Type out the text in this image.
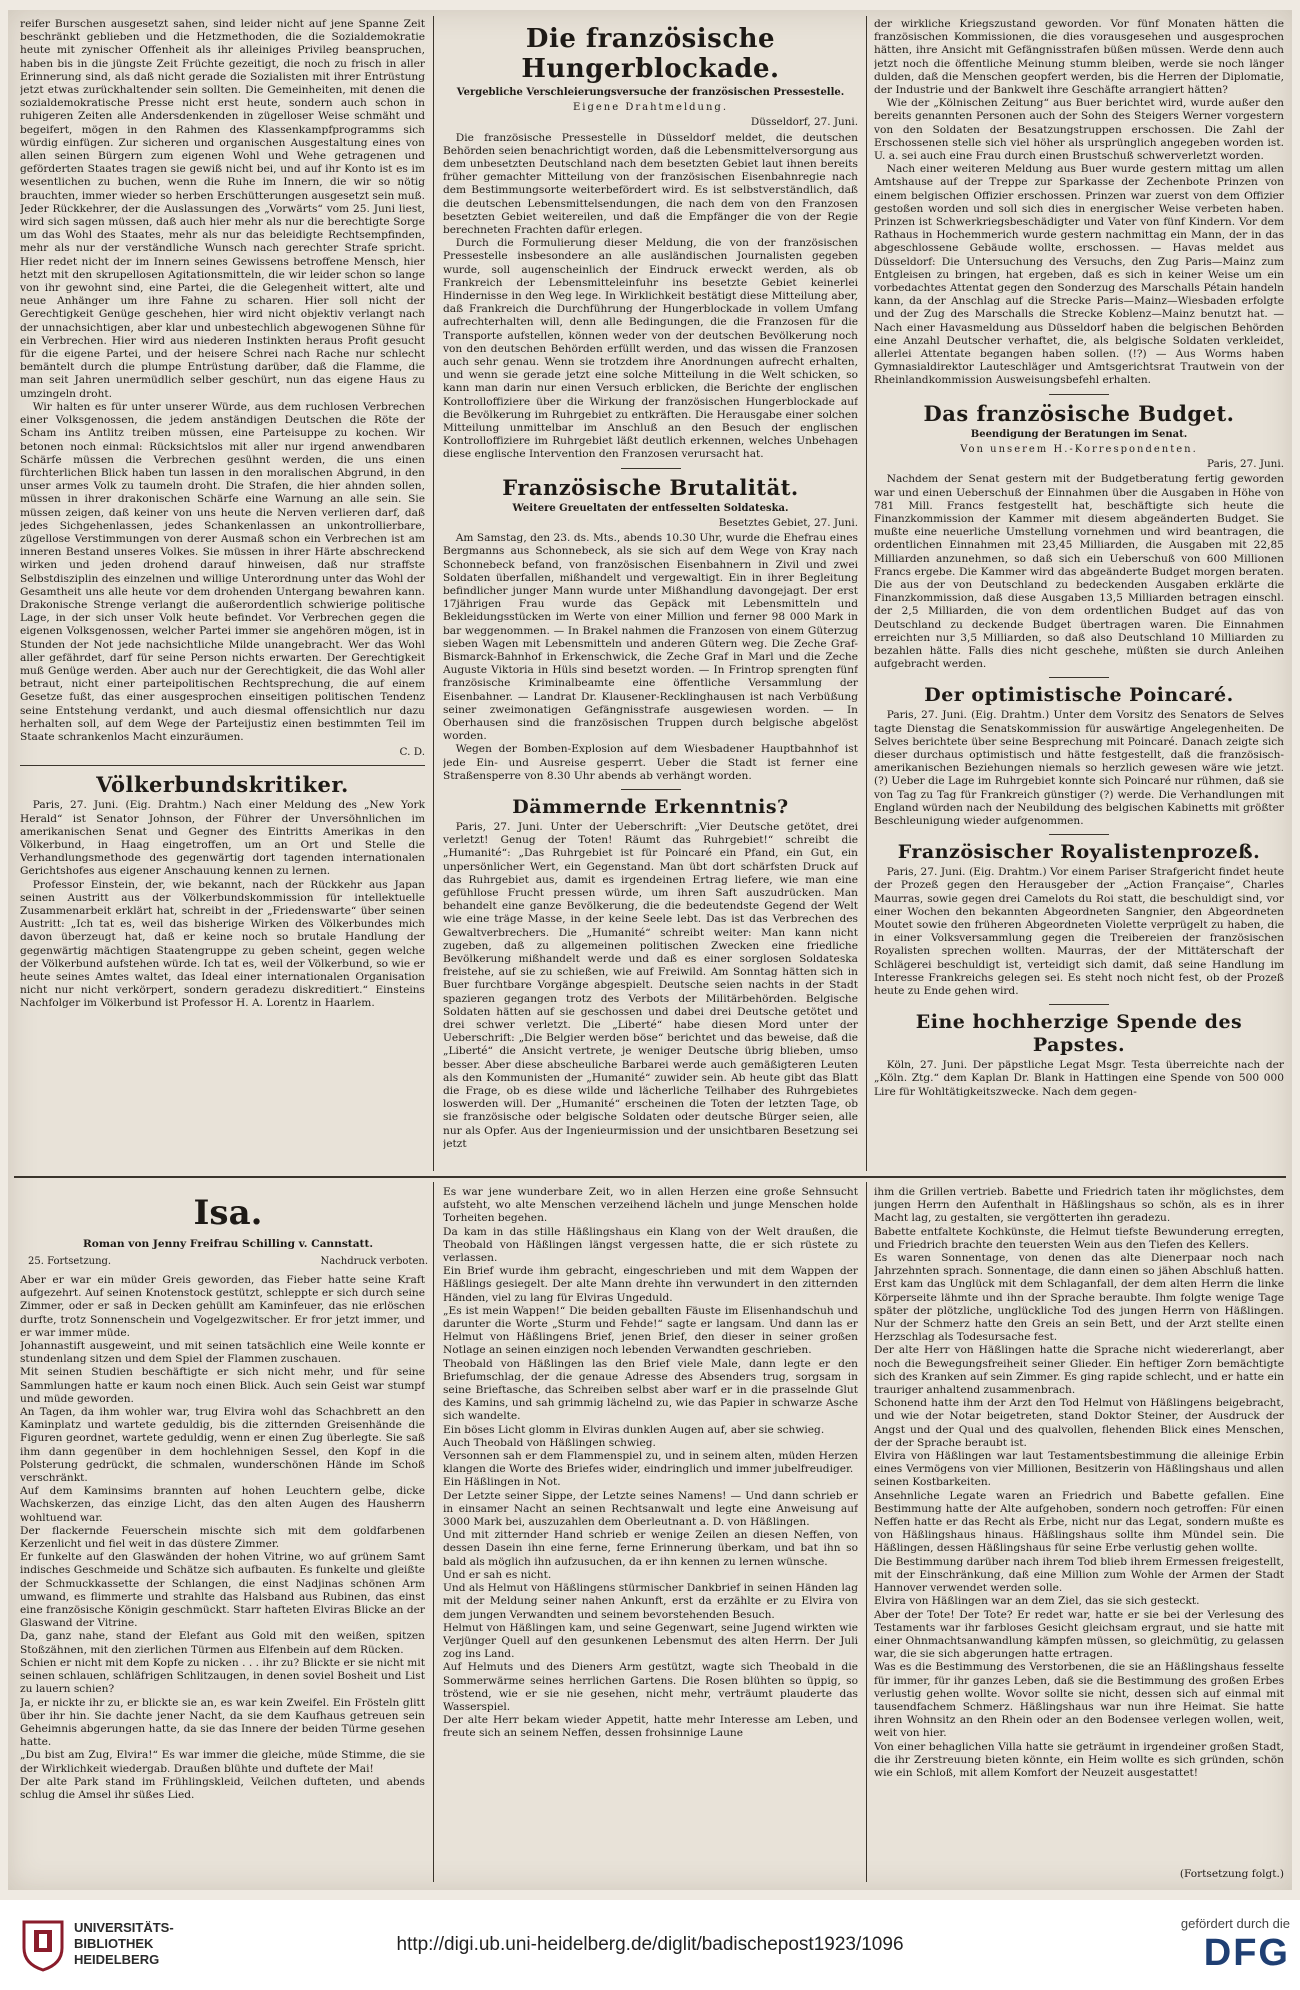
reifer Burschen ausgesetzt sahen, sind leider nicht auf jene Spanne Zeit beschränkt geblieben und die Hetzmethoden, die die Sozialdemokratie heute mit zynischer Offenheit als ihr alleiniges Privileg beanspruchen, haben bis in die jüngste Zeit Früchte gezeitigt, die noch zu frisch in aller Erinnerung sind, als daß nicht gerade die Sozialisten mit ihrer Entrüstung jetzt etwas zurückhaltender sein sollten. Die Gemeinheiten, mit denen die sozialdemokratische Presse nicht erst heute, sondern auch schon in ruhigeren Zeiten alle Andersdenkenden in zügelloser Weise schmäht und begeifert, mögen in den Rahmen des Klassenkampfprogramms sich würdig einfügen. Zur sicheren und organischen Ausgestaltung eines von allen seinen Bürgern zum eigenen Wohl und Wehe getragenen und geförderten Staates tragen sie gewiß nicht bei, und auf ihr Konto ist es im wesentlichen zu buchen, wenn die Ruhe im Innern, die wir so nötig brauchten, immer wieder so herben Erschütterungen ausgesetzt sein muß. Jeder Rückkehrer, der die Auslassungen des „Vorwärts“ vom 25. Juni liest, wird sich sagen müssen, daß auch hier mehr als nur die berechtigte Sorge um das Wohl des Staates, mehr als nur das beleidigte Rechtsempfinden, mehr als nur der verständliche Wunsch nach gerechter Strafe spricht. Hier redet nicht der im Innern seines Gewissens betroffene Mensch, hier hetzt mit den skrupellosen Agitationsmitteln, die wir leider schon so lange von ihr gewohnt sind, eine Partei, die die Gelegenheit wittert, alte und neue Anhänger um ihre Fahne zu scharen. Hier soll nicht der Gerechtigkeit Genüge geschehen, hier wird nicht objektiv verlangt nach der unnachsichtigen, aber klar und unbestechlich abgewogenen Sühne für ein Verbrechen. Hier wird aus niederen Instinkten heraus Profit gesucht für die eigene Partei, und der heisere Schrei nach Rache nur schlecht bemäntelt durch die plumpe Entrüstung darüber, daß die Flamme, die man seit Jahren unermüdlich selber geschürt, nun das eigene Haus zu umzingeln droht.

Wir halten es für unter unserer Würde, aus dem ruchlosen Verbrechen einer Volksgenossen, die jedem anständigen Deutschen die Röte der Scham ins Antlitz treiben müssen, eine Parteisuppe zu kochen. Wir betonen noch einmal: Rücksichtslos mit aller nur irgend anwendbaren Schärfe müssen die Verbrechen gesühnt werden, die uns einen fürchterlichen Blick haben tun lassen in den moralischen Abgrund, in den unser armes Volk zu taumeln droht. Die Strafen, die hier ahnden sollen, müssen in ihrer drakonischen Schärfe eine Warnung an alle sein. Sie müssen zeigen, daß keiner von uns heute die Nerven verlieren darf, daß jedes Sichgehenlassen, jedes Schankenlassen an unkontrollierbare, zügellose Verstimmungen von derer Ausmaß schon ein Verbrechen ist am inneren Bestand unseres Volkes. Sie müssen in ihrer Härte abschreckend wirken und jeden drohend darauf hinweisen, daß nur straffste Selbstdisziplin des einzelnen und willige Unterordnung unter das Wohl der Gesamtheit uns alle heute vor dem drohenden Untergang bewahren kann. Drakonische Strenge verlangt die außerordentlich schwierige politische Lage, in der sich unser Volk heute befindet. Vor Verbrechen gegen die eigenen Volksgenossen, welcher Partei immer sie angehören mögen, ist in Stunden der Not jede nachsichtliche Milde unangebracht. Wer das Wohl aller gefährdet, darf für seine Person nichts erwarten. Der Gerechtigkeit muß Genüge werden. Aber auch nur der Gerechtigkeit, die das Wohl aller betraut, nicht einer parteipolitischen Rechtsprechung, die auf einem Gesetze fußt, das einer ausgesprochen einseitigen politischen Tendenz seine Entstehung verdankt, und auch diesmal offensichtlich nur dazu herhalten soll, auf dem Wege der Parteijustiz einen bestimmten Teil im Staate schrankenlos Macht einzuräumen.

C. D.
Völkerbundskritiker.

Paris, 27. Juni. (Eig. Drahtm.) Nach einer Meldung des „New York Herald“ ist Senator Johnson, der Führer der Unversöhnlichen im amerikanischen Senat und Gegner des Eintritts Amerikas in den Völkerbund, in Haag eingetroffen, um an Ort und Stelle die Verhandlungsmethode des gegenwärtig dort tagenden internationalen Gerichtshofes aus eigener Anschauung kennen zu lernen.

Professor Einstein, der, wie bekannt, nach der Rückkehr aus Japan seinen Austritt aus der Völkerbundskommission für intellektuelle Zusammenarbeit erklärt hat, schreibt in der „Friedenswarte“ über seinen Austritt: „Ich tat es, weil das bisherige Wirken des Völkerbundes mich davon überzeugt hat, daß er keine noch so brutale Handlung der gegenwärtig mächtigen Staatengruppe zu geben scheint, gegen welche der Völkerbund aufstehen würde. Ich tat es, weil der Völkerbund, so wie er heute seines Amtes waltet, das Ideal einer internationalen Organisation nicht nur nicht verkörpert, sondern geradezu diskreditiert.“ Einsteins Nachfolger im Völkerbund ist Professor H. A. Lorentz in Haarlem.

Die französische Hungerblockade.
Vergebliche Verschleierungsversuche der französischen Pressestelle.
Eigene Drahtmeldung.
Düsseldorf, 27. Juni.

Die französische Pressestelle in Düsseldorf meldet, die deutschen Behörden seien benachrichtigt worden, daß die Lebensmittelversorgung aus dem unbesetzten Deutschland nach dem besetzten Gebiet laut ihnen bereits früher gemachter Mitteilung von der französischen Eisenbahnregie nach dem Bestimmungsorte weiterbefördert wird. Es ist selbstverständlich, daß die deutschen Lebensmittelsendungen, die nach dem von den Franzosen besetzten Gebiet weitereilen, und daß die Empfänger die von der Regie berechneten Frachten dafür erlegen.

Durch die Formulierung dieser Meldung, die von der französischen Pressestelle insbesondere an alle ausländischen Journalisten gegeben wurde, soll augenscheinlich der Eindruck erweckt werden, als ob Frankreich der Lebensmitteleinfuhr ins besetzte Gebiet keinerlei Hindernisse in den Weg lege. In Wirklichkeit bestätigt diese Mitteilung aber, daß Frankreich die Durchführung der Hungerblockade in vollem Umfang aufrechterhalten will, denn alle Bedingungen, die die Franzosen für die Transporte aufstellen, können weder von der deutschen Bevölkerung noch von den deutschen Behörden erfüllt werden, und das wissen die Franzosen auch sehr genau. Wenn sie trotzdem ihre Anordnungen aufrecht erhalten, und wenn sie gerade jetzt eine solche Mitteilung in die Welt schicken, so kann man darin nur einen Versuch erblicken, die Berichte der englischen Kontrolloffiziere über die Wirkung der französischen Hungerblockade auf die Bevölkerung im Ruhrgebiet zu entkräften. Die Herausgabe einer solchen Mitteilung unmittelbar im Anschluß an den Besuch der englischen Kontrolloffiziere im Ruhrgebiet läßt deutlich erkennen, welches Unbehagen diese englische Intervention den Franzosen verursacht hat.

Französische Brutalität.
Weitere Greueltaten der entfesselten Soldateska.
Besetztes Gebiet, 27. Juni.

Am Samstag, den 23. ds. Mts., abends 10.30 Uhr, wurde die Ehefrau eines Bergmanns aus Schonnebeck, als sie sich auf dem Wege von Kray nach Schonnebeck befand, von französischen Eisenbahnern in Zivil und zwei Soldaten überfallen, mißhandelt und vergewaltigt. Ein in ihrer Begleitung befindlicher junger Mann wurde unter Mißhandlung davongejagt. Der erst 17jährigen Frau wurde das Gepäck mit Lebensmitteln und Bekleidungsstücken im Werte von einer Million und ferner 98 000 Mark in bar weggenommen. — In Brakel nahmen die Franzosen von einem Güterzug sieben Wagen mit Lebensmitteln und anderen Gütern weg. Die Zeche Graf-Bismarck-Bahnhof in Erkenschwick, die Zeche Graf in Marl und die Zeche Auguste Viktoria in Hüls sind besetzt worden. — In Frintrop sprengten fünf französische Kriminalbeamte eine öffentliche Versammlung der Eisenbahner. — Landrat Dr. Klausener-Recklinghausen ist nach Verbüßung seiner zweimonatigen Gefängnisstrafe ausgewiesen worden. — In Oberhausen sind die französischen Truppen durch belgische abgelöst worden.

Wegen der Bomben-Explosion auf dem Wiesbadener Hauptbahnhof ist jede Ein- und Ausreise gesperrt. Ueber die Stadt ist ferner eine Straßensperre von 8.30 Uhr abends ab verhängt worden.

Dämmernde Erkenntnis?

Paris, 27. Juni. Unter der Ueberschrift: „Vier Deutsche getötet, drei verletzt! Genug der Toten! Räumt das Ruhrgebiet!“ schreibt die „Humanité“: „Das Ruhrgebiet ist für Poincaré ein Pfand, ein Gut, ein unpersönlicher Wert, ein Gegenstand. Man übt dort schärfsten Druck auf das Ruhrgebiet aus, damit es irgendeinen Ertrag liefere, wie man eine gefühllose Frucht pressen würde, um ihren Saft auszudrücken. Man behandelt eine ganze Bevölkerung, die die bedeutendste Gegend der Welt wie eine träge Masse, in der keine Seele lebt. Das ist das Verbrechen des Gewaltverbrechers. Die „Humanité“ schreibt weiter: Man kann nicht zugeben, daß zu allgemeinen politischen Zwecken eine friedliche Bevölkerung mißhandelt werde und daß es einer sorglosen Soldateska freistehe, auf sie zu schießen, wie auf Freiwild. Am Sonntag hätten sich in Buer furchtbare Vorgänge abgespielt. Deutsche seien nachts in der Stadt spazieren gegangen trotz des Verbots der Militärbehörden. Belgische Soldaten hätten auf sie geschossen und dabei drei Deutsche getötet und drei schwer verletzt. Die „Liberté“ habe diesen Mord unter der Ueberschrift: „Die Belgier werden böse“ berichtet und das beweise, daß die „Liberté“ die Ansicht vertrete, je weniger Deutsche übrig blieben, umso besser. Aber diese abscheuliche Barbarei werde auch gemäßigteren Leuten als den Kommunisten der „Humanité“ zuwider sein. Ab heute gibt das Blatt die Frage, ob es diese wilde und lächerliche Teilhaber des Ruhrgebietes loswerden will. Der „Humanité“ erscheinen die Toten der letzten Tage, ob sie französische oder belgische Soldaten oder deutsche Bürger seien, alle nur als Opfer. Aus der Ingenieurmission und der unsichtbaren Besetzung sei jetzt

der wirkliche Kriegszustand geworden. Vor fünf Monaten hätten die französischen Kommissionen, die dies vorausgesehen und ausgesprochen hätten, ihre Ansicht mit Gefängnisstrafen büßen müssen. Werde denn auch jetzt noch die öffentliche Meinung stumm bleiben, werde sie noch länger dulden, daß die Menschen geopfert werden, bis die Herren der Diplomatie, der Industrie und der Bankwelt ihre Geschäfte arrangiert hätten?

Wie der „Kölnischen Zeitung“ aus Buer berichtet wird, wurde außer den bereits genannten Personen auch der Sohn des Steigers Werner vorgestern von den Soldaten der Besatzungstruppen erschossen. Die Zahl der Erschossenen stelle sich viel höher als ursprünglich angegeben worden ist. U. a. sei auch eine Frau durch einen Brustschuß schwerverletzt worden.

Nach einer weiteren Meldung aus Buer wurde gestern mittag um allen Amtshause auf der Treppe zur Sparkasse der Zechenbote Prinzen von einem belgischen Offizier erschossen. Prinzen war zuerst von dem Offizier gestoßen worden und soll sich dies in energischer Weise verbeten haben. Prinzen ist Schwerkriegsbeschädigter und Vater von fünf Kindern. Vor dem Rathaus in Hochemmerich wurde gestern nachmittag ein Mann, der in das abgeschlossene Gebäude wollte, erschossen. — Havas meldet aus Düsseldorf: Die Untersuchung des Versuchs, den Zug Paris—Mainz zum Entgleisen zu bringen, hat ergeben, daß es sich in keiner Weise um ein vorbedachtes Attentat gegen den Sonderzug des Marschalls Pétain handeln kann, da der Anschlag auf die Strecke Paris—Mainz—Wiesbaden erfolgte und der Zug des Marschalls die Strecke Koblenz—Mainz benutzt hat. — Nach einer Havasmeldung aus Düsseldorf haben die belgischen Behörden eine Anzahl Deutscher verhaftet, die, als belgische Soldaten verkleidet, allerlei Attentate begangen haben sollen. (!?) — Aus Worms haben Gymnasialdirektor Lauteschläger und Amtsgerichtsrat Trautwein von der Rheinlandkommission Ausweisungsbefehl erhalten.

Das französische Budget.
Beendigung der Beratungen im Senat.
Von unserem H.-Korrespondenten.
Paris, 27. Juni.

Nachdem der Senat gestern mit der Budgetberatung fertig geworden war und einen Ueberschuß der Einnahmen über die Ausgaben in Höhe von 781 Mill. Francs festgestellt hat, beschäftigte sich heute die Finanzkommission der Kammer mit diesem abgeänderten Budget. Sie mußte eine neuerliche Umstellung vornehmen und wird beantragen, die ordentlichen Einnahmen mit 23,45 Milliarden, die Ausgaben mit 22,85 Milliarden anzunehmen, so daß sich ein Ueberschuß von 600 Millionen Francs ergebe. Die Kammer wird das abgeänderte Budget morgen beraten. Die aus der von Deutschland zu bedeckenden Ausgaben erklärte die Finanzkommission, daß diese Ausgaben 13,5 Milliarden betragen einschl. der 2,5 Milliarden, die von dem ordentlichen Budget auf das von Deutschland zu deckende Budget übertragen waren. Die Einnahmen erreichten nur 3,5 Milliarden, so daß also Deutschland 10 Milliarden zu bezahlen hätte. Falls dies nicht geschehe, müßten sie durch Anleihen aufgebracht werden.

Der optimistische Poincaré.

Paris, 27. Juni. (Eig. Drahtm.) Unter dem Vorsitz des Senators de Selves tagte Dienstag die Senatskommission für auswärtige Angelegenheiten. De Selves berichtete über seine Besprechung mit Poincaré. Danach zeigte sich dieser durchaus optimistisch und hätte festgestellt, daß die französisch-amerikanischen Beziehungen niemals so herzlich gewesen wäre wie jetzt. (?) Ueber die Lage im Ruhrgebiet konnte sich Poincaré nur rühmen, daß sie von Tag zu Tag für Frankreich günstiger (?) werde. Die Verhandlungen mit England würden nach der Neubildung des belgischen Kabinetts mit größter Beschleunigung wieder aufgenommen.

Französischer Royalistenprozeß.

Paris, 27. Juni. (Eig. Drahtm.) Vor einem Pariser Strafgericht findet heute der Prozeß gegen den Herausgeber der „Action Française“, Charles Maurras, sowie gegen drei Camelots du Roi statt, die beschuldigt sind, vor einer Wochen den bekannten Abgeordneten Sangnier, den Abgeordneten Moutet sowie den früheren Abgeordneten Violette verprügelt zu haben, die in einer Volksversammlung gegen die Treibereien der französischen Royalisten sprechen wollten. Maurras, der der Mittäterschaft der Schlägerei beschuldigt ist, verteidigt sich damit, daß seine Handlung im Interesse Frankreichs gelegen sei. Es steht noch nicht fest, ob der Prozeß heute zu Ende gehen wird.

Eine hochherzige Spende des Papstes.

Köln, 27. Juni. Der päpstliche Legat Msgr. Testa überreichte nach der „Köln. Ztg.“ dem Kaplan Dr. Blank in Hattingen eine Spende von 500 000 Lire für Wohltätigkeitszwecke. Nach dem gegen-

Isa.
Roman von Jenny Freifrau Schilling v. Cannstatt.
25. Fortsetzung.	Nachdruck verboten.
Aber er war ein müder Greis geworden, das Fieber hatte seine Kraft aufgezehrt. Auf seinen Knotenstock gestützt, schleppte er sich durch seine Zimmer, oder er saß in Decken gehüllt am Kaminfeuer, das nie erlöschen durfte, trotz Sonnenschein und Vogelgezwitscher. Er fror jetzt immer, und er war immer müde.
Johannastift ausgeweint, und mit seinen tatsächlich eine Weile konnte er stundenlang sitzen und dem Spiel der Flammen zuschauen.
Mit seinen Studien beschäftigte er sich nicht mehr, und für seine Sammlungen hatte er kaum noch einen Blick. Auch sein Geist war stumpf und müde geworden.
An Tagen, da ihm wohler war, trug Elvira wohl das Schachbrett an den Kaminplatz und wartete geduldig, bis die zitternden Greisenhände die Figuren geordnet, wartete geduldig, wenn er einen Zug überlegte. Sie saß ihm dann gegenüber in dem hochlehnigen Sessel, den Kopf in die Polsterung gedrückt, die schmalen, wunderschönen Hände im Schoß verschränkt.
Auf dem Kaminsims brannten auf hohen Leuchtern gelbe, dicke Wachskerzen, das einzige Licht, das den alten Augen des Hausherrn wohltuend war.
Der flackernde Feuerschein mischte sich mit dem goldfarbenen Kerzenlicht und fiel weit in das düstere Zimmer.
Er funkelte auf den Glaswänden der hohen Vitrine, wo auf grünem Samt indisches Geschmeide und Schätze sich aufbauten. Es funkelte und gleißte der Schmuckkassette der Schlangen, die einst Nadjinas schönen Arm umwand, es flimmerte und strahlte das Halsband aus Rubinen, das einst eine französische Königin geschmückt. Starr hafteten Elviras Blicke an der Glaswand der Vitrine.
Da, ganz nahe, stand der Elefant aus Gold mit den weißen, spitzen Stoßzähnen, mit den zierlichen Türmen aus Elfenbein auf dem Rücken.
Schien er nicht mit dem Kopfe zu nicken . . . ihr zu? Blickte er sie nicht mit seinen schlauen, schläfrigen Schlitzaugen, in denen soviel Bosheit und List zu lauern schien?
Ja, er nickte ihr zu, er blickte sie an, es war kein Zweifel. Ein Frösteln glitt über ihr hin. Sie dachte jener Nacht, da sie dem Kaufhaus getreuen sein Geheimnis abgerungen hatte, da sie das Innere der beiden Türme gesehen hatte.
„Du bist am Zug, Elvira!“ Es war immer die gleiche, müde Stimme, die sie der Wirklichkeit wiedergab. Draußen blühte und duftete der Mai!
Der alte Park stand im Frühlingskleid, Veilchen dufteten, und abends schlug die Amsel ihr süßes Lied.
Es war jene wunderbare Zeit, wo in allen Herzen eine große Sehnsucht aufsteht, wo alte Menschen verzeihend lächeln und junge Menschen holde Torheiten begehen.
Da kam in das stille Häßlingshaus ein Klang von der Welt draußen, die Theobald von Häßlingen längst vergessen hatte, die er sich rüstete zu verlassen.
Ein Brief wurde ihm gebracht, eingeschrieben und mit dem Wappen der Häßlings gesiegelt. Der alte Mann drehte ihn verwundert in den zitternden Händen, viel zu lang für Elviras Ungeduld.
„Es ist mein Wappen!“ Die beiden geballten Fäuste im Elisenhandschuh und darunter die Worte „Sturm und Fehde!“ sagte er langsam. Und dann las er Helmut von Häßlingens Brief, jenen Brief, den dieser in seiner großen Notlage an seinen einzigen noch lebenden Verwandten geschrieben.
Theobald von Häßlingen las den Brief viele Male, dann legte er den Briefumschlag, der die genaue Adresse des Absenders trug, sorgsam in seine Brieftasche, das Schreiben selbst aber warf er in die prasselnde Glut des Kamins, und sah grimmig lächelnd zu, wie das Papier in schwarze Asche sich wandelte.
Ein böses Licht glomm in Elviras dunklen Augen auf, aber sie schwieg.
Auch Theobald von Häßlingen schwieg.
Versonnen sah er dem Flammenspiel zu, und in seinem alten, müden Herzen klangen die Worte des Briefes wider, eindringlich und immer jubelfreudiger.
Ein Häßlingen in Not.
Der Letzte seiner Sippe, der Letzte seines Namens! — Und dann schrieb er in einsamer Nacht an seinen Rechtsanwalt und legte eine Anweisung auf 3000 Mark bei, auszuzahlen dem Oberleutnant a. D. von Häßlingen.
Und mit zitternder Hand schrieb er wenige Zeilen an diesen Neffen, von dessen Dasein ihn eine ferne, ferne Erinnerung überkam, und bat ihn so bald als möglich ihn aufzusuchen, da er ihn kennen zu lernen wünsche.
Und er sah es nicht.
Und als Helmut von Häßlingens stürmischer Dankbrief in seinen Händen lag mit der Meldung seiner nahen Ankunft, erst da erzählte er zu Elvira von dem jungen Verwandten und seinem bevorstehenden Besuch.
Helmut von Häßlingen kam, und seine Gegenwart, seine Jugend wirkten wie Verjünger Quell auf den gesunkenen Lebensmut des alten Herrn. Der Juli zog ins Land.
Auf Helmuts und des Dieners Arm gestützt, wagte sich Theobald in die Sommerwärme seines herrlichen Gartens. Die Rosen blühten so üppig, so tröstend, wie er sie nie gesehen, nicht mehr, verträumt plauderte das Wasserspiel.
Der alte Herr bekam wieder Appetit, hatte mehr Interesse am Leben, und freute sich an seinem Neffen, dessen frohsinnige Laune
ihm die Grillen vertrieb. Babette und Friedrich taten ihr möglichstes, dem jungen Herrn den Aufenthalt in Häßlingshaus so schön, als es in ihrer Macht lag, zu gestalten, sie vergötterten ihn geradezu.
Babette entfaltete Kochkünste, die Helmut tiefste Bewunderung erregten, und Friedrich brachte den teuersten Wein aus den Tiefen des Kellers.
Es waren Sonnentage, von denen das alte Dienerpaar noch nach Jahrzehnten sprach. Sonnentage, die dann einen so jähen Abschluß hatten. Erst kam das Unglück mit dem Schlaganfall, der dem alten Herrn die linke Körperseite lähmte und ihn der Sprache beraubte. Ihm folgte wenige Tage später der plötzliche, unglückliche Tod des jungen Herrn von Häßlingen. Nur der Schmerz hatte den Greis an sein Bett, und der Arzt stellte einen Herzschlag als Todesursache fest.
Der alte Herr von Häßlingen hatte die Sprache nicht wiedererlangt, aber noch die Bewegungsfreiheit seiner Glieder. Ein heftiger Zorn bemächtigte sich des Kranken auf sein Zimmer. Es ging rapide schlecht, und er hatte ein trauriger anhaltend zusammenbrach.
Schonend hatte ihm der Arzt den Tod Helmut von Häßlingens beigebracht, und wie der Notar beigetreten, stand Doktor Steiner, der Ausdruck der Angst und der Qual und des qualvollen, flehenden Blick eines Menschen, der der Sprache beraubt ist.
Elvira von Häßlingen war laut Testamentsbestimmung die alleinige Erbin eines Vermögens von vier Millionen, Besitzerin von Häßlingshaus und allen seinen Kostbarkeiten.
Ansehnliche Legate waren an Friedrich und Babette gefallen. Eine Bestimmung hatte der Alte aufgehoben, sondern noch getroffen: Für einen Neffen hatte er das Recht als Erbe, nicht nur das Legat, sondern mußte es von Häßlingshaus hinaus. Häßlingshaus sollte ihm Mündel sein. Die Häßlingen, dessen Häßlingshaus für seine Erbe verlustig gehen wollte.
Die Bestimmung darüber nach ihrem Tod blieb ihrem Ermessen freigestellt, mit der Einschränkung, daß eine Million zum Wohle der Armen der Stadt Hannover verwendet werden solle.
Elvira von Häßlingen war an dem Ziel, das sie sich gesteckt.
Aber der Tote! Der Tote? Er redet war, hatte er sie bei der Verlesung des Testaments war ihr farbloses Gesicht gleichsam ergraut, und sie hatte mit einer Ohnmachtsanwandlung kämpfen müssen, so gleichmütig, zu gelassen war, die sie sich abgerungen hatte ertragen.
Was es die Bestimmung des Verstorbenen, die sie an Häßlingshaus fesselte für immer, für ihr ganzes Leben, daß sie die Bestimmung des großen Erbes verlustig gehen wollte. Wovor sollte sie nicht, dessen sich auf einmal mit tausendfachem Schmerz. Häßlingshaus war nun ihre Heimat. Sie hatte ihren Wohnsitz an den Rhein oder an den Bodensee verlegen wollen, weit, weit von hier.
Von einer behaglichen Villa hatte sie geträumt in irgendeiner großen Stadt, die ihr Zerstreuung bieten könnte, ein Heim wollte es sich gründen, schön wie ein Schloß, mit allem Komfort der Neuzeit ausgestattet!
(Fortsetzung folgt.)
UNIVERSITÄTS-
BIBLIOTHEK
HEIDELBERG
http://digi.ub.uni-heidelberg.de/diglit/badischepost1923/1096
gefördert durch die
DFG
